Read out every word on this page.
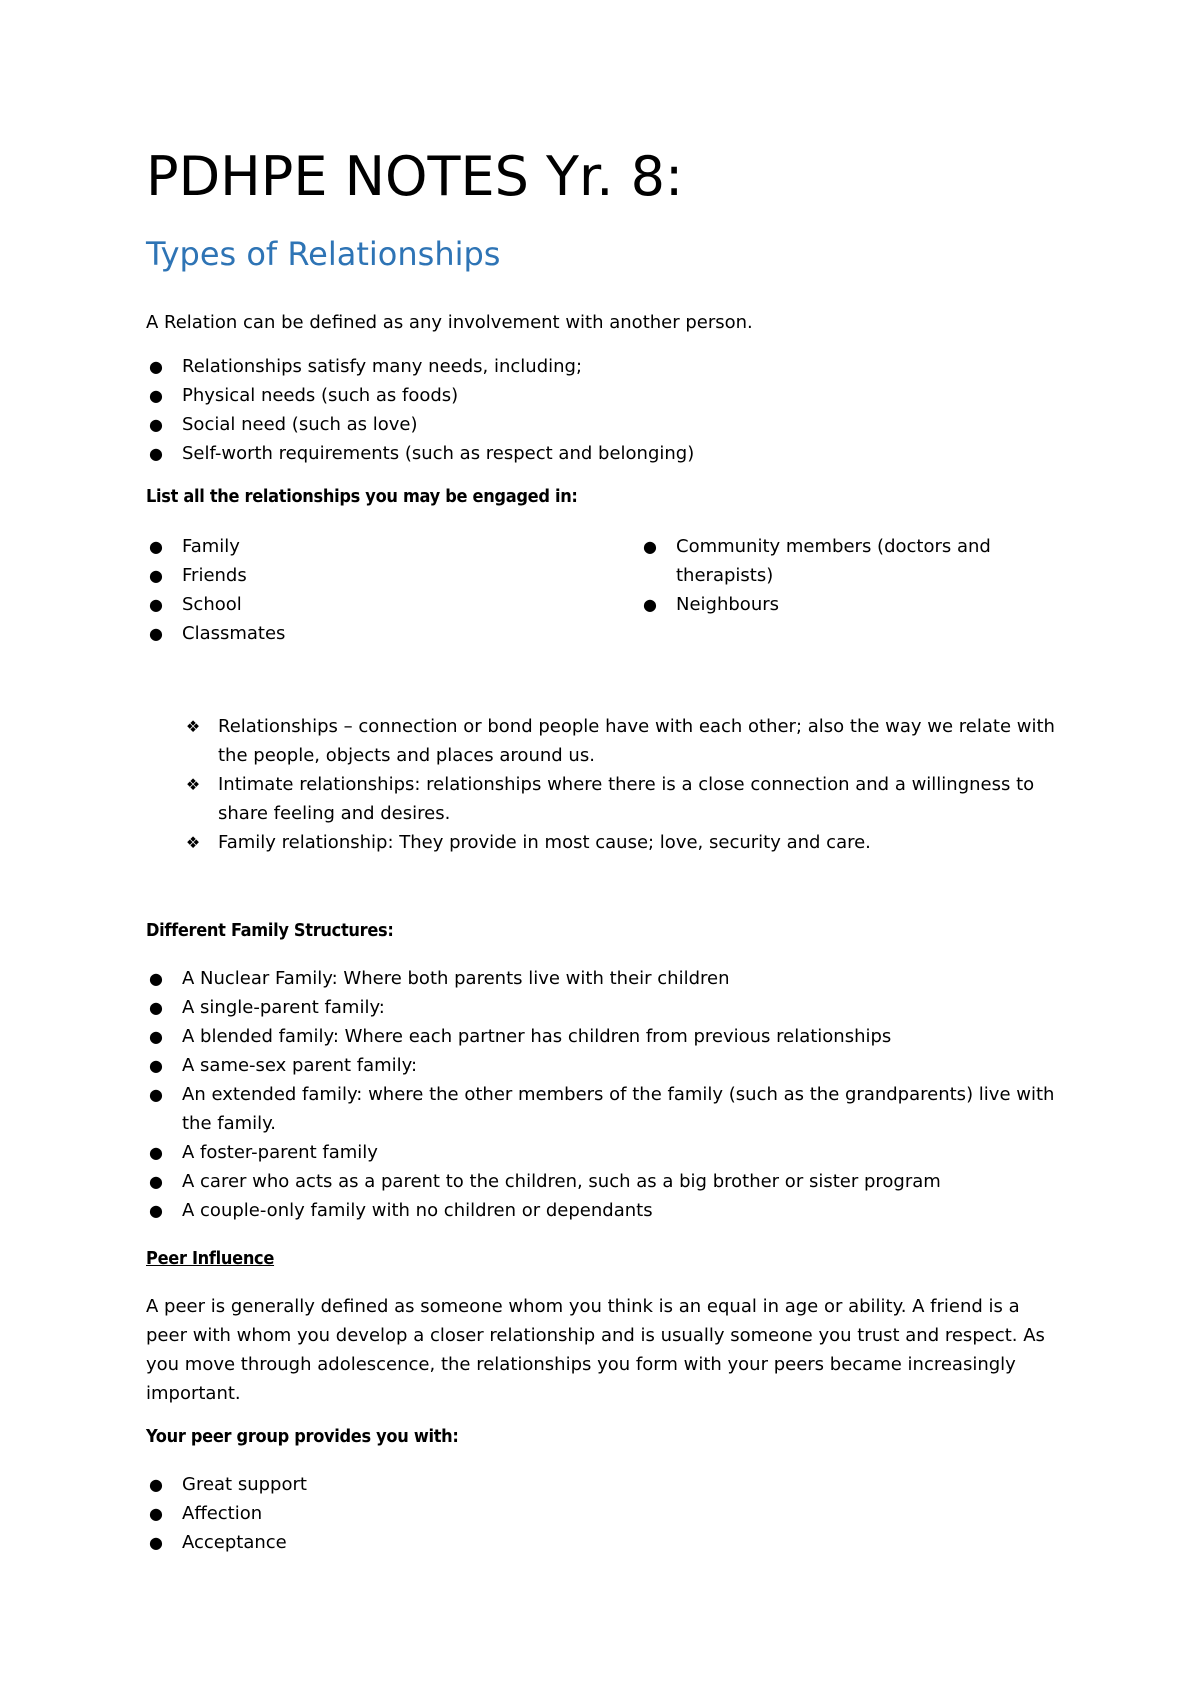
PDHPE NOTES Yr. 8:
Types of Relationships
A Relation can be defined as any involvement with another person.
● Relationships satisfy many needs, including;
● Physical needs (such as foods)
● Social need (such as love)
● Self-worth requirements (such as respect and belonging)
List all the relationships you may be engaged in:
● Family
● Friends
● School
● Classmates
● Community members (doctors and therapists)
● Neighbours
❖ Relationships – connection or bond people have with each other; also the way we relate with the people, objects and places around us.
❖ Intimate relationships: relationships where there is a close connection and a willingness to share feeling and desires.
❖ Family relationship: They provide in most cause; love, security and care.
Different Family Structures:
● A Nuclear Family: Where both parents live with their children
● A single-parent family:
● A blended family: Where each partner has children from previous relationships
● A same-sex parent family:
● An extended family: where the other members of the family (such as the grandparents) live with the family.
● A foster-parent family
● A carer who acts as a parent to the children, such as a big brother or sister program
● A couple-only family with no children or dependants
Peer Influence
A peer is generally defined as someone whom you think is an equal in age or ability. A friend is a peer with whom you develop a closer relationship and is usually someone you trust and respect. As you move through adolescence, the relationships you form with your peers became increasingly important.
Your peer group provides you with:
● Great support
● Affection
● Acceptance
